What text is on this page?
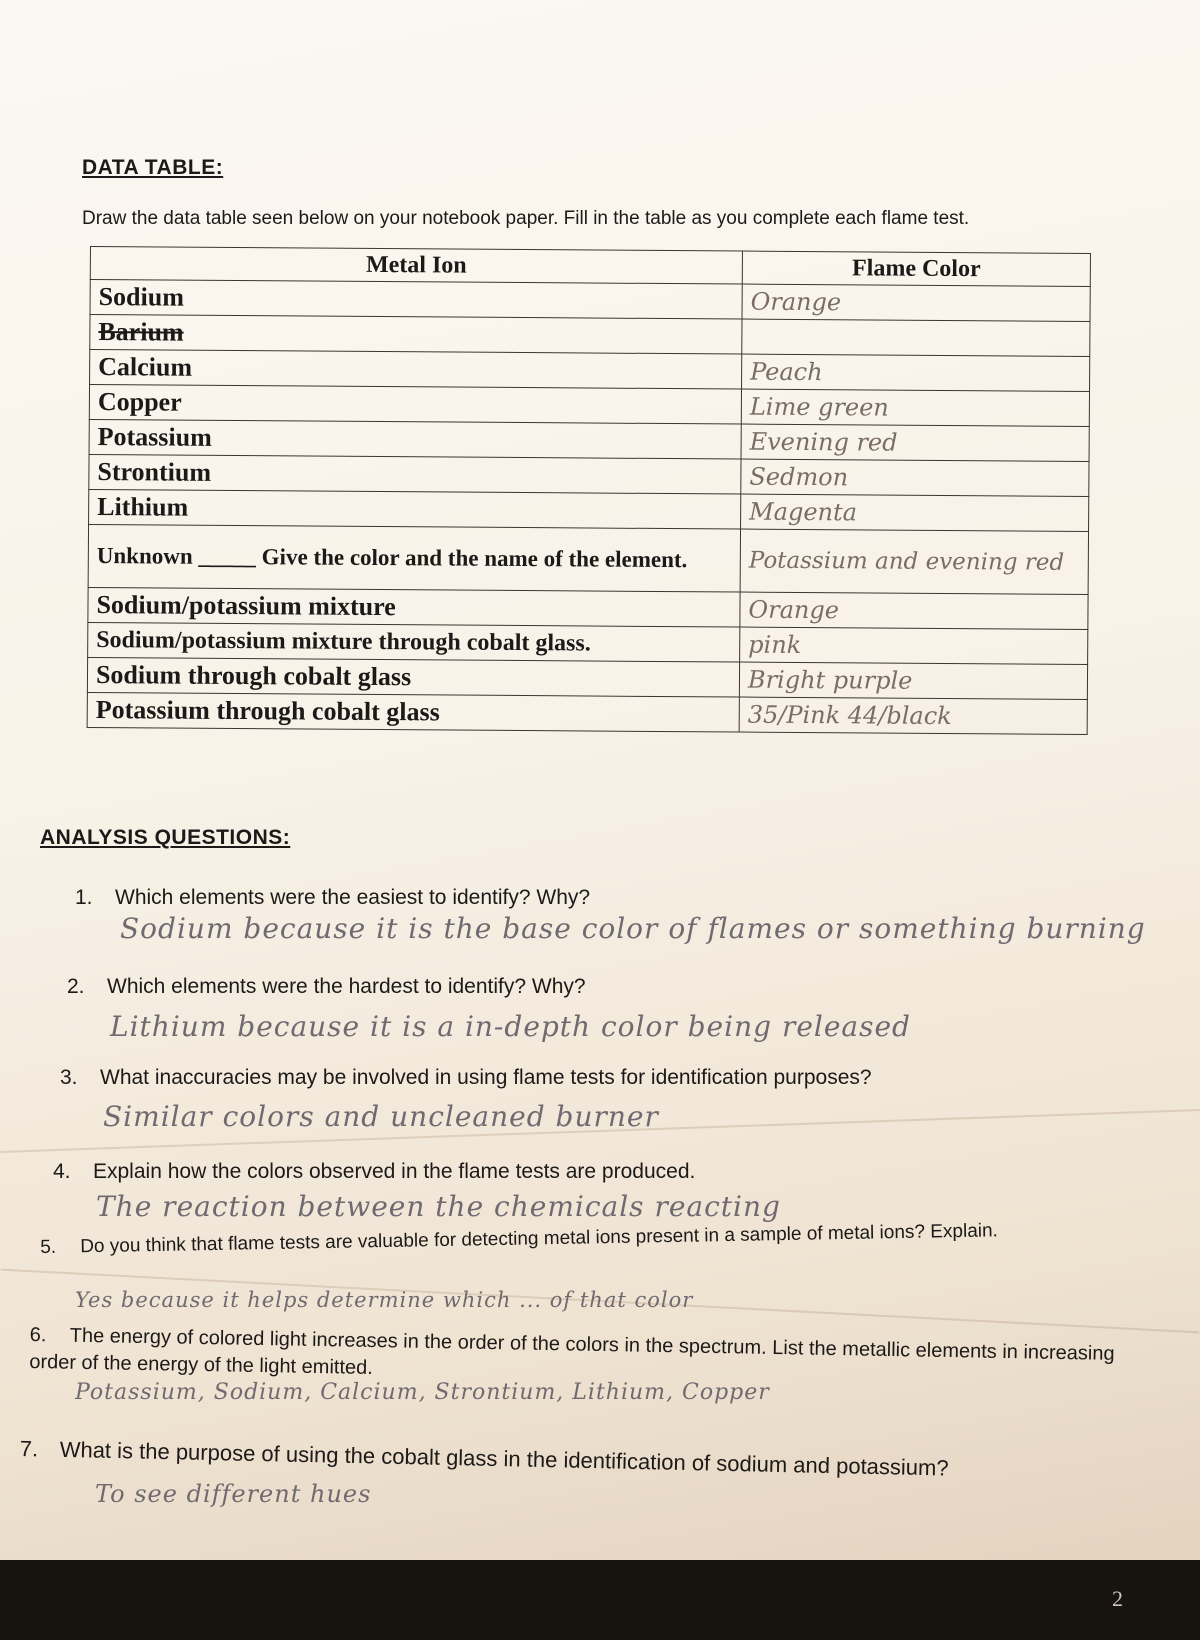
DATA TABLE:
Draw the data table seen below on your notebook paper. Fill in the table as you complete each flame test.
Metal Ion	Flame Color
Sodium	Orange
Barium	
Calcium	Peach
Copper	Lime green
Potassium	Evening red
Strontium	Sedmon
Lithium	Magenta
Unknown _____ Give the color and the name of the element.	Potassium and evening red
Sodium/potassium mixture	Orange
Sodium/potassium mixture through cobalt glass.	pink
Sodium through cobalt glass	Bright purple
Potassium through cobalt glass	35/Pink 44/black
ANALYSIS QUESTIONS:
1. Which elements were the easiest to identify? Why?
Sodium because it is the base color of flames or something burning
2. Which elements were the hardest to identify? Why?
Lithium because it is a in-depth color being released
3. What inaccuracies may be involved in using flame tests for identification purposes?
Similar colors and uncleaned burner
4. Explain how the colors observed in the flame tests are produced.
The reaction between the chemicals reacting
5. Do you think that flame tests are valuable for detecting metal ions present in a sample of metal ions? Explain.
Yes because it helps determine which ... of that color
6. The energy of colored light increases in the order of the colors in the spectrum. List the metallic elements in increasing order of the energy of the light emitted.
Potassium, Sodium, Calcium, Strontium, Lithium, Copper
7. What is the purpose of using the cobalt glass in the identification of sodium and potassium?
To see different hues
2
